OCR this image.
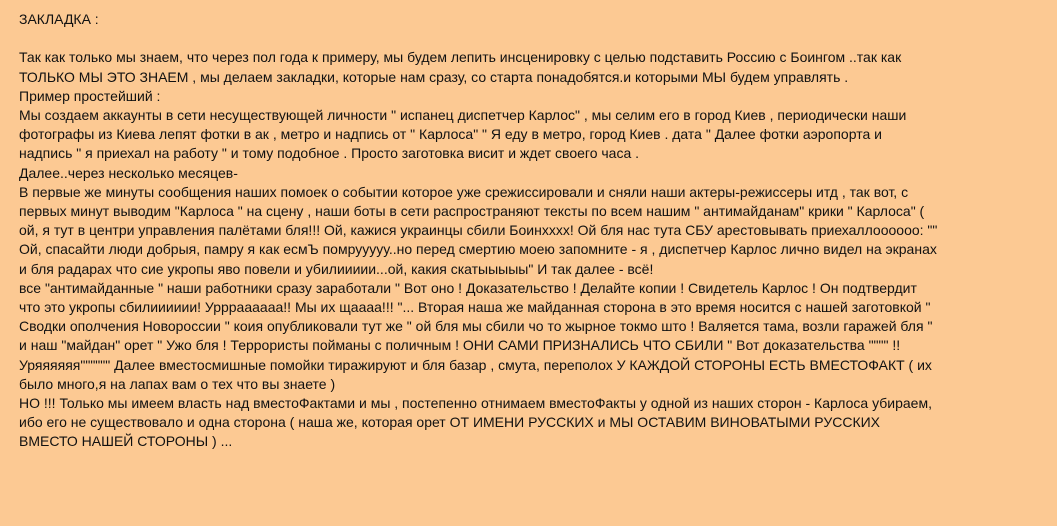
ЗАКЛАДКА :
Так как только мы знаем, что через пол года к примеру, мы будем лепить инсценировку с целью подставить Россию с Боингом ..так как
ТОЛЬКО МЫ ЭТО ЗНАЕМ , мы делаем закладки, которые нам сразу, со старта понадобятся.и которыми МЫ будем управлять .
Пример простейший :
Мы создаем аккаунты в сети несуществующей личности " испанец диспетчер Карлос" , мы селим его в город Киев , периодически наши
фотографы из Киева лепят фотки в ак , метро и надпись от " Карлоса" " Я еду в метро, город Киев . дата " Далее фотки аэропорта и
надпись " я приехал на работу " и тому подобное . Просто заготовка висит и ждет своего часа .
Далее..через несколько месяцев-
В первые же минуты сообщения наших помоек о событии которое уже срежиссировали и сняли наши актеры-режиссеры итд , так вот, с
первых минут выводим "Карлоса " на сцену , наши боты в сети распространяют тексты по всем нашим " антимайданам" крики " Карлоса" (
ой, я тут в центри управления палётами бля!!! Ой, кажися украинцы сбили Боинхххх! Ой бля нас тута СБУ арестовывать приехаллоооооо: ""
Ой, спасайти люди добрыя, памру я как есмЪ помрууууу..но перед смертию моею запомните - я , диспетчер Карлос лично видел на экранах
и бля радарах что сие укропы яво повели и убилиииии...ой, какия скатыыыыы" И так далее - всё!
все "антимайданные " наши работники сразу заработали " Вот оно ! Доказательство ! Делайте копии ! Свидетель Карлос ! Он подтвердит
что это укропы сбилииииии! Уррраааааа!! Мы их щаааа!!! "... Вторая наша же майданная сторона в это время носится с нашей заготовкой "
Сводки ополчения Новороссии " коия опубликовали тут же " ой бля мы сбили чо то жырное токмо што ! Валяется тама, возли гаражей бля "
и наш "майдан" орет " Ужо бля ! Террористы пойманы с поличным ! ОНИ САМИ ПРИЗНАЛИСЬ ЧТО СБИЛИ " Вот доказательства """" !!
Уряяяяяя"""""" Далее вместосмишные помойки тиражируют и бля базар , смута, переполох У КАЖДОЙ СТОРОНЫ ЕСТЬ ВМЕСТОФАКТ ( их
было много,я на лапах вам о тех что вы знаете )
НО !!! Только мы имеем власть над вместоФактами и мы , постепенно отнимаем вместоФакты у одной из наших сторон - Карлоса убираем,
ибо его не существовало и одна сторона ( наша же, которая орет ОТ ИМЕНИ РУССКИХ и МЫ ОСТАВИМ ВИНОВАТЫМИ РУССКИХ
ВМЕСТО НАШЕЙ СТОРОНЫ ) ...
